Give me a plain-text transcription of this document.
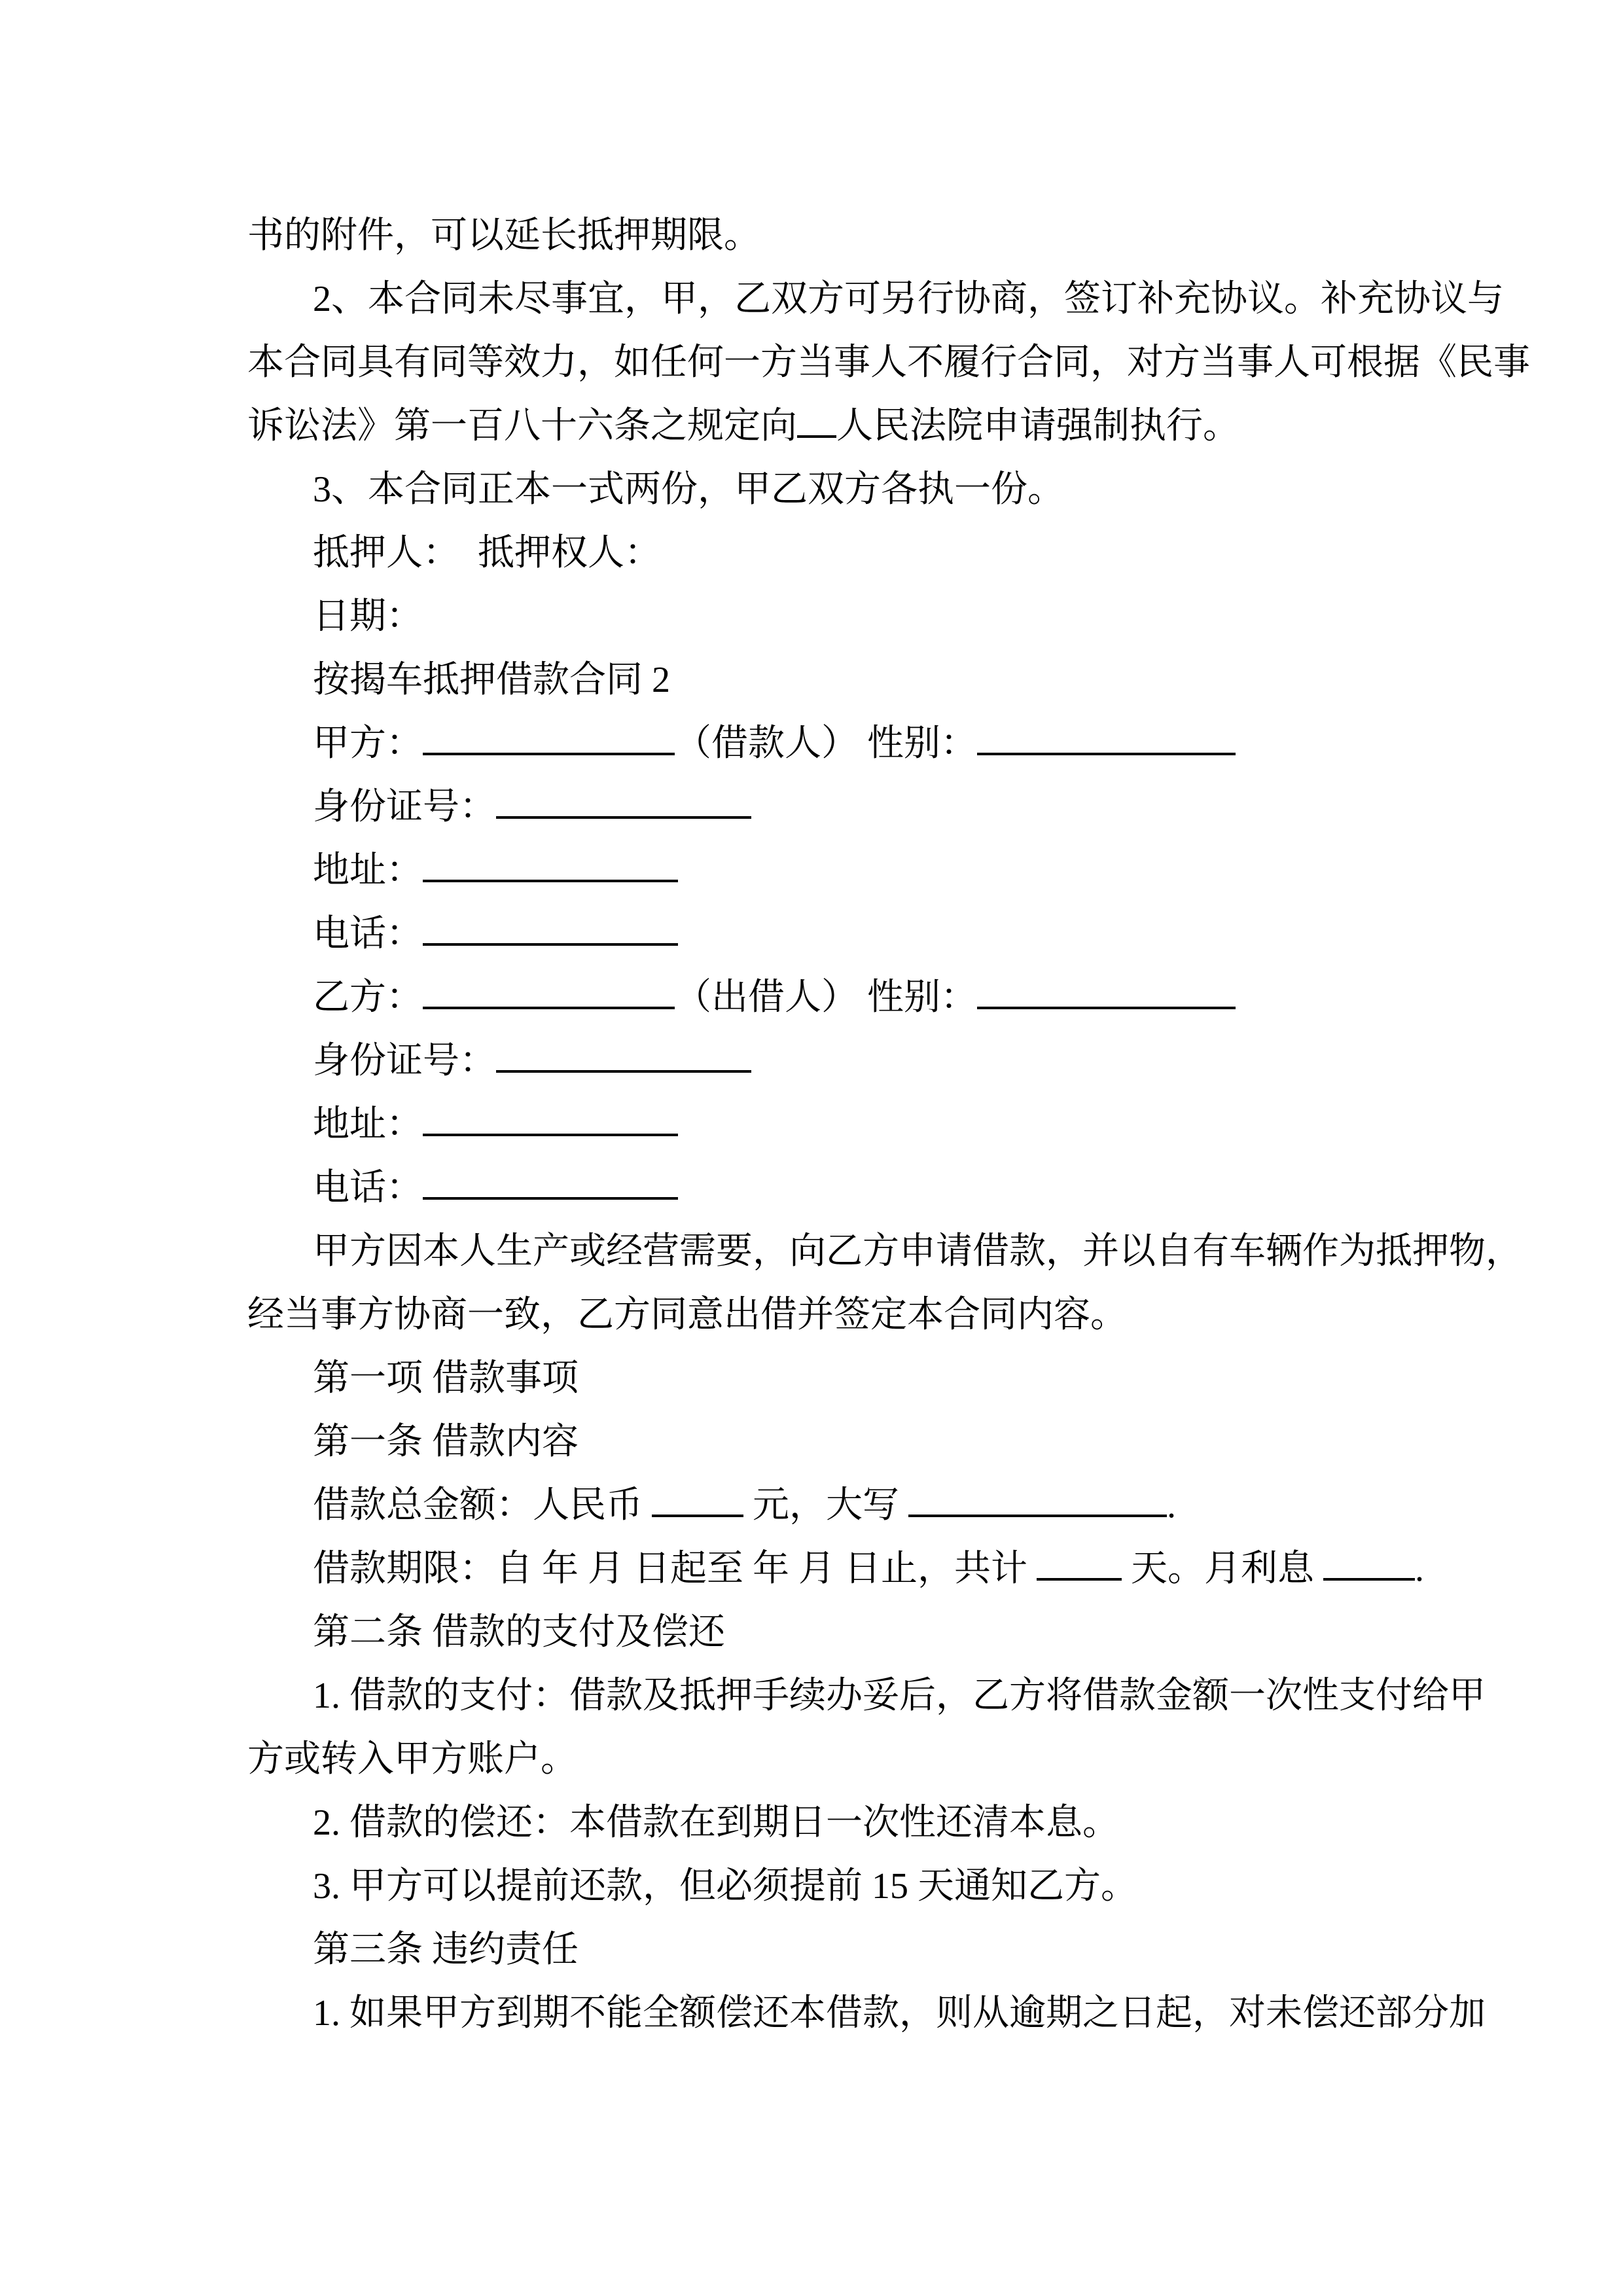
书的附件，可以延长抵押期限。
2、本合同未尽事宜，甲，乙双方可另行协商，签订补充协议。补充协议与
本合同具有同等效力，如任何一方当事人不履行合同，对方当事人可根据《民事
诉讼法》第一百八十六条之规定向 人民法院申请强制执行。
3、本合同正本一式两份，甲乙双方各执一份。
抵押人：　抵押权人：
日期：
按揭车抵押借款合同 2
甲方：	（借款人） 性别：
身份证号：
地址：
电话：
乙方：	（出借人） 性别：
身份证号：
地址：
电话：
甲方因本人生产或经营需要，向乙方申请借款，并以自有车辆作为抵押物，
经当事方协商一致，乙方同意出借并签定本合同内容。
第一项 借款事项
第一条 借款内容
借款总金额：人民币	元，大写	.
借款期限：自 年 月 日起至 年 月 日止，共计  天。月利息	.
第二条 借款的支付及偿还
1. 借款的支付：借款及抵押手续办妥后，乙方将借款金额一次性支付给甲
方或转入甲方账户。
2. 借款的偿还：本借款在到期日一次性还清本息。
3. 甲方可以提前还款，但必须提前 15 天通知乙方。
第三条 违约责任
1. 如果甲方到期不能全额偿还本借款，则从逾期之日起，对未偿还部分加
